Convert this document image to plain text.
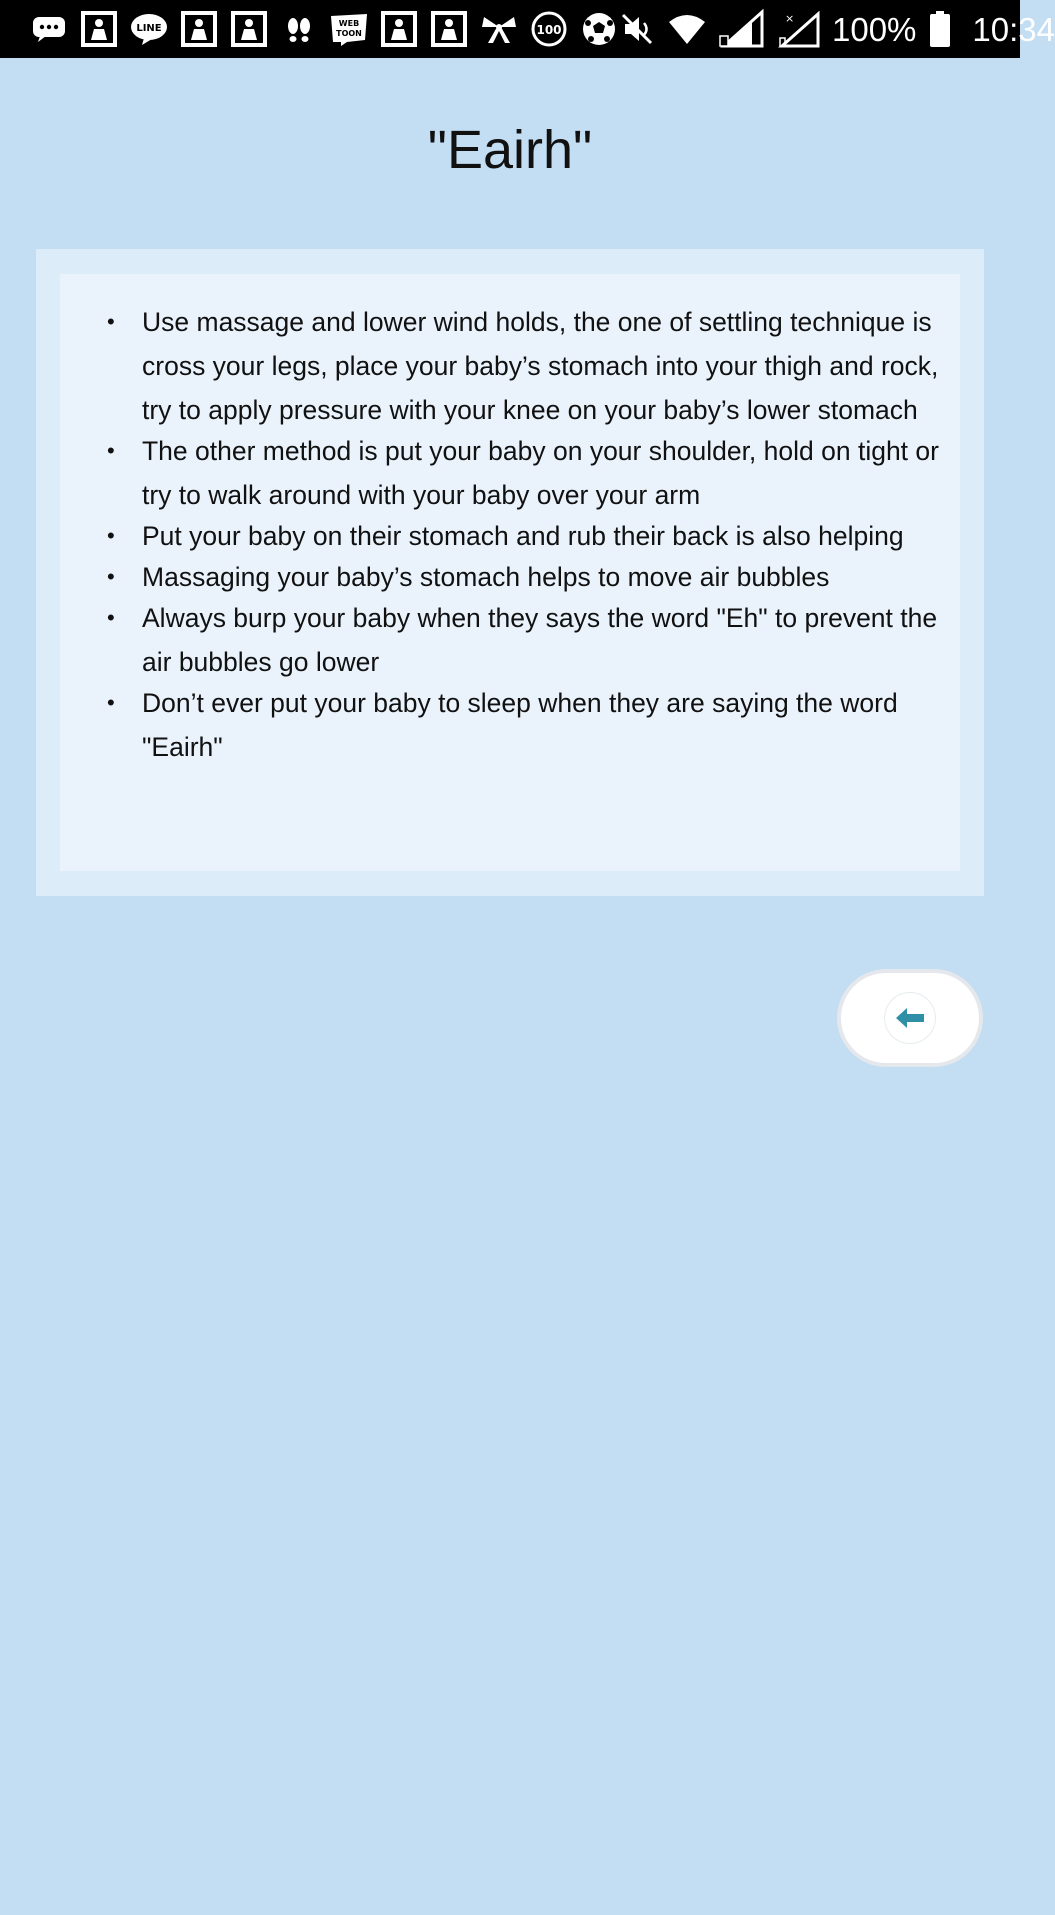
LINE	WEB
TOON	100
× 100% 10:34
"Eairh"
• Use massage and lower wind holds, the one of settling technique is cross your legs, place your baby’s stomach into your thigh and rock, try to apply pressure with your knee on your baby’s lower stomach
• The other method is put your baby on your shoulder, hold on tight or try to walk around with your baby over your arm
• Put your baby on their stomach and rub their back is also helping
• Massaging your baby’s stomach helps to move air bubbles
• Always burp your baby when they says the word "Eh" to prevent the air bubbles go lower
• Don’t ever put your baby to sleep when they are saying the word "Eairh"
